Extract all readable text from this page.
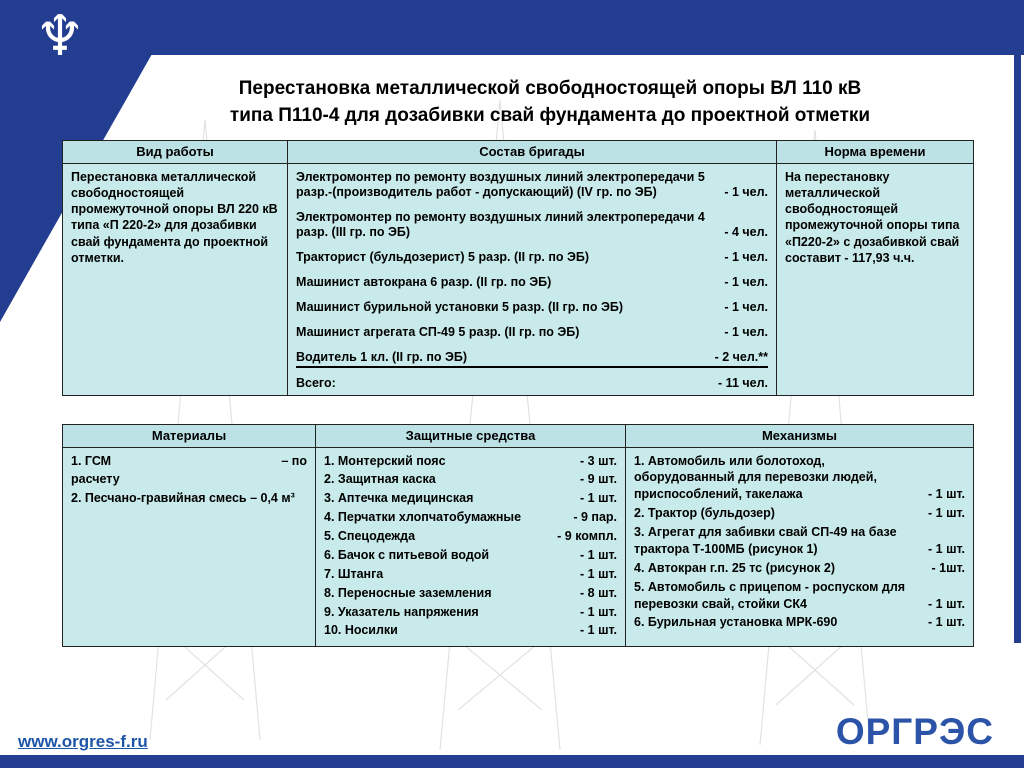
♆
Перестановка металлической свободностоящей опоры ВЛ 110 кВ
типа П110-4 для дозабивки свай фундамента до проектной отметки
Вид работы	Состав бригады	Норма времени
Перестановка металлической свободностоящей промежуточной опоры ВЛ 220 кВ типа «П 220-2» для дозабивки свай фундамента до проектной отметки.
Электромонтер по ремонту воздушных линий электропередачи 5 разр.-(производитель работ - допускающий) (IV гр. по ЭБ)	- 1 чел.
Электромонтер по ремонту воздушных линий электропередачи 4 разр. (III гр. по ЭБ)	- 4 чел.
Тракторист (бульдозерист) 5 разр. (II гр. по ЭБ)	- 1 чел.
Машинист автокрана 6 разр. (II гр. по ЭБ)	- 1 чел.
Машинист бурильной установки 5 разр. (II гр. по ЭБ)	- 1 чел.
Машинист агрегата СП-49 5 разр. (II гр. по ЭБ)	- 1 чел.
Водитель 1 кл. (II гр. по ЭБ)	- 2 чел.**
Всего:	- 11 чел.
На перестановку металлической свободностоящей промежуточной опоры типа «П220-2» с дозабивкой свай составит - 117,93 ч.ч.
Материалы	Защитные средства	Механизмы
1. ГСМ	– по
расчету
2. Песчано-гравийная смесь – 0,4 м³
1. Монтерский пояс	- 3 шт.
2. Защитная каска	- 9 шт.
3. Аптечка медицинская	- 1 шт.
4. Перчатки хлопчатобумажные	- 9 пар.
5. Спецодежда	- 9 компл.
6. Бачок с питьевой водой	- 1 шт.
7. Штанга	- 1 шт.
8. Переносные заземления	- 8 шт.
9. Указатель напряжения	- 1 шт.
10. Носилки	- 1 шт.
1. Автомобиль или болотоход, оборудованный для перевозки людей, приспособлений, такелажа	- 1 шт.
2. Трактор (бульдозер)	- 1 шт.
3. Агрегат для забивки свай СП-49 на базе трактора Т-100МБ (рисунок 1)	- 1 шт.
4. Автокран г.п. 25 тс (рисунок 2)	- 1шт.
5. Автомобиль с прицепом - роспуском для перевозки свай, стойки СК4	- 1 шт.
6. Бурильная установка МРК-690	- 1 шт.
www.orgres-f.ru	ОРГРЭС
